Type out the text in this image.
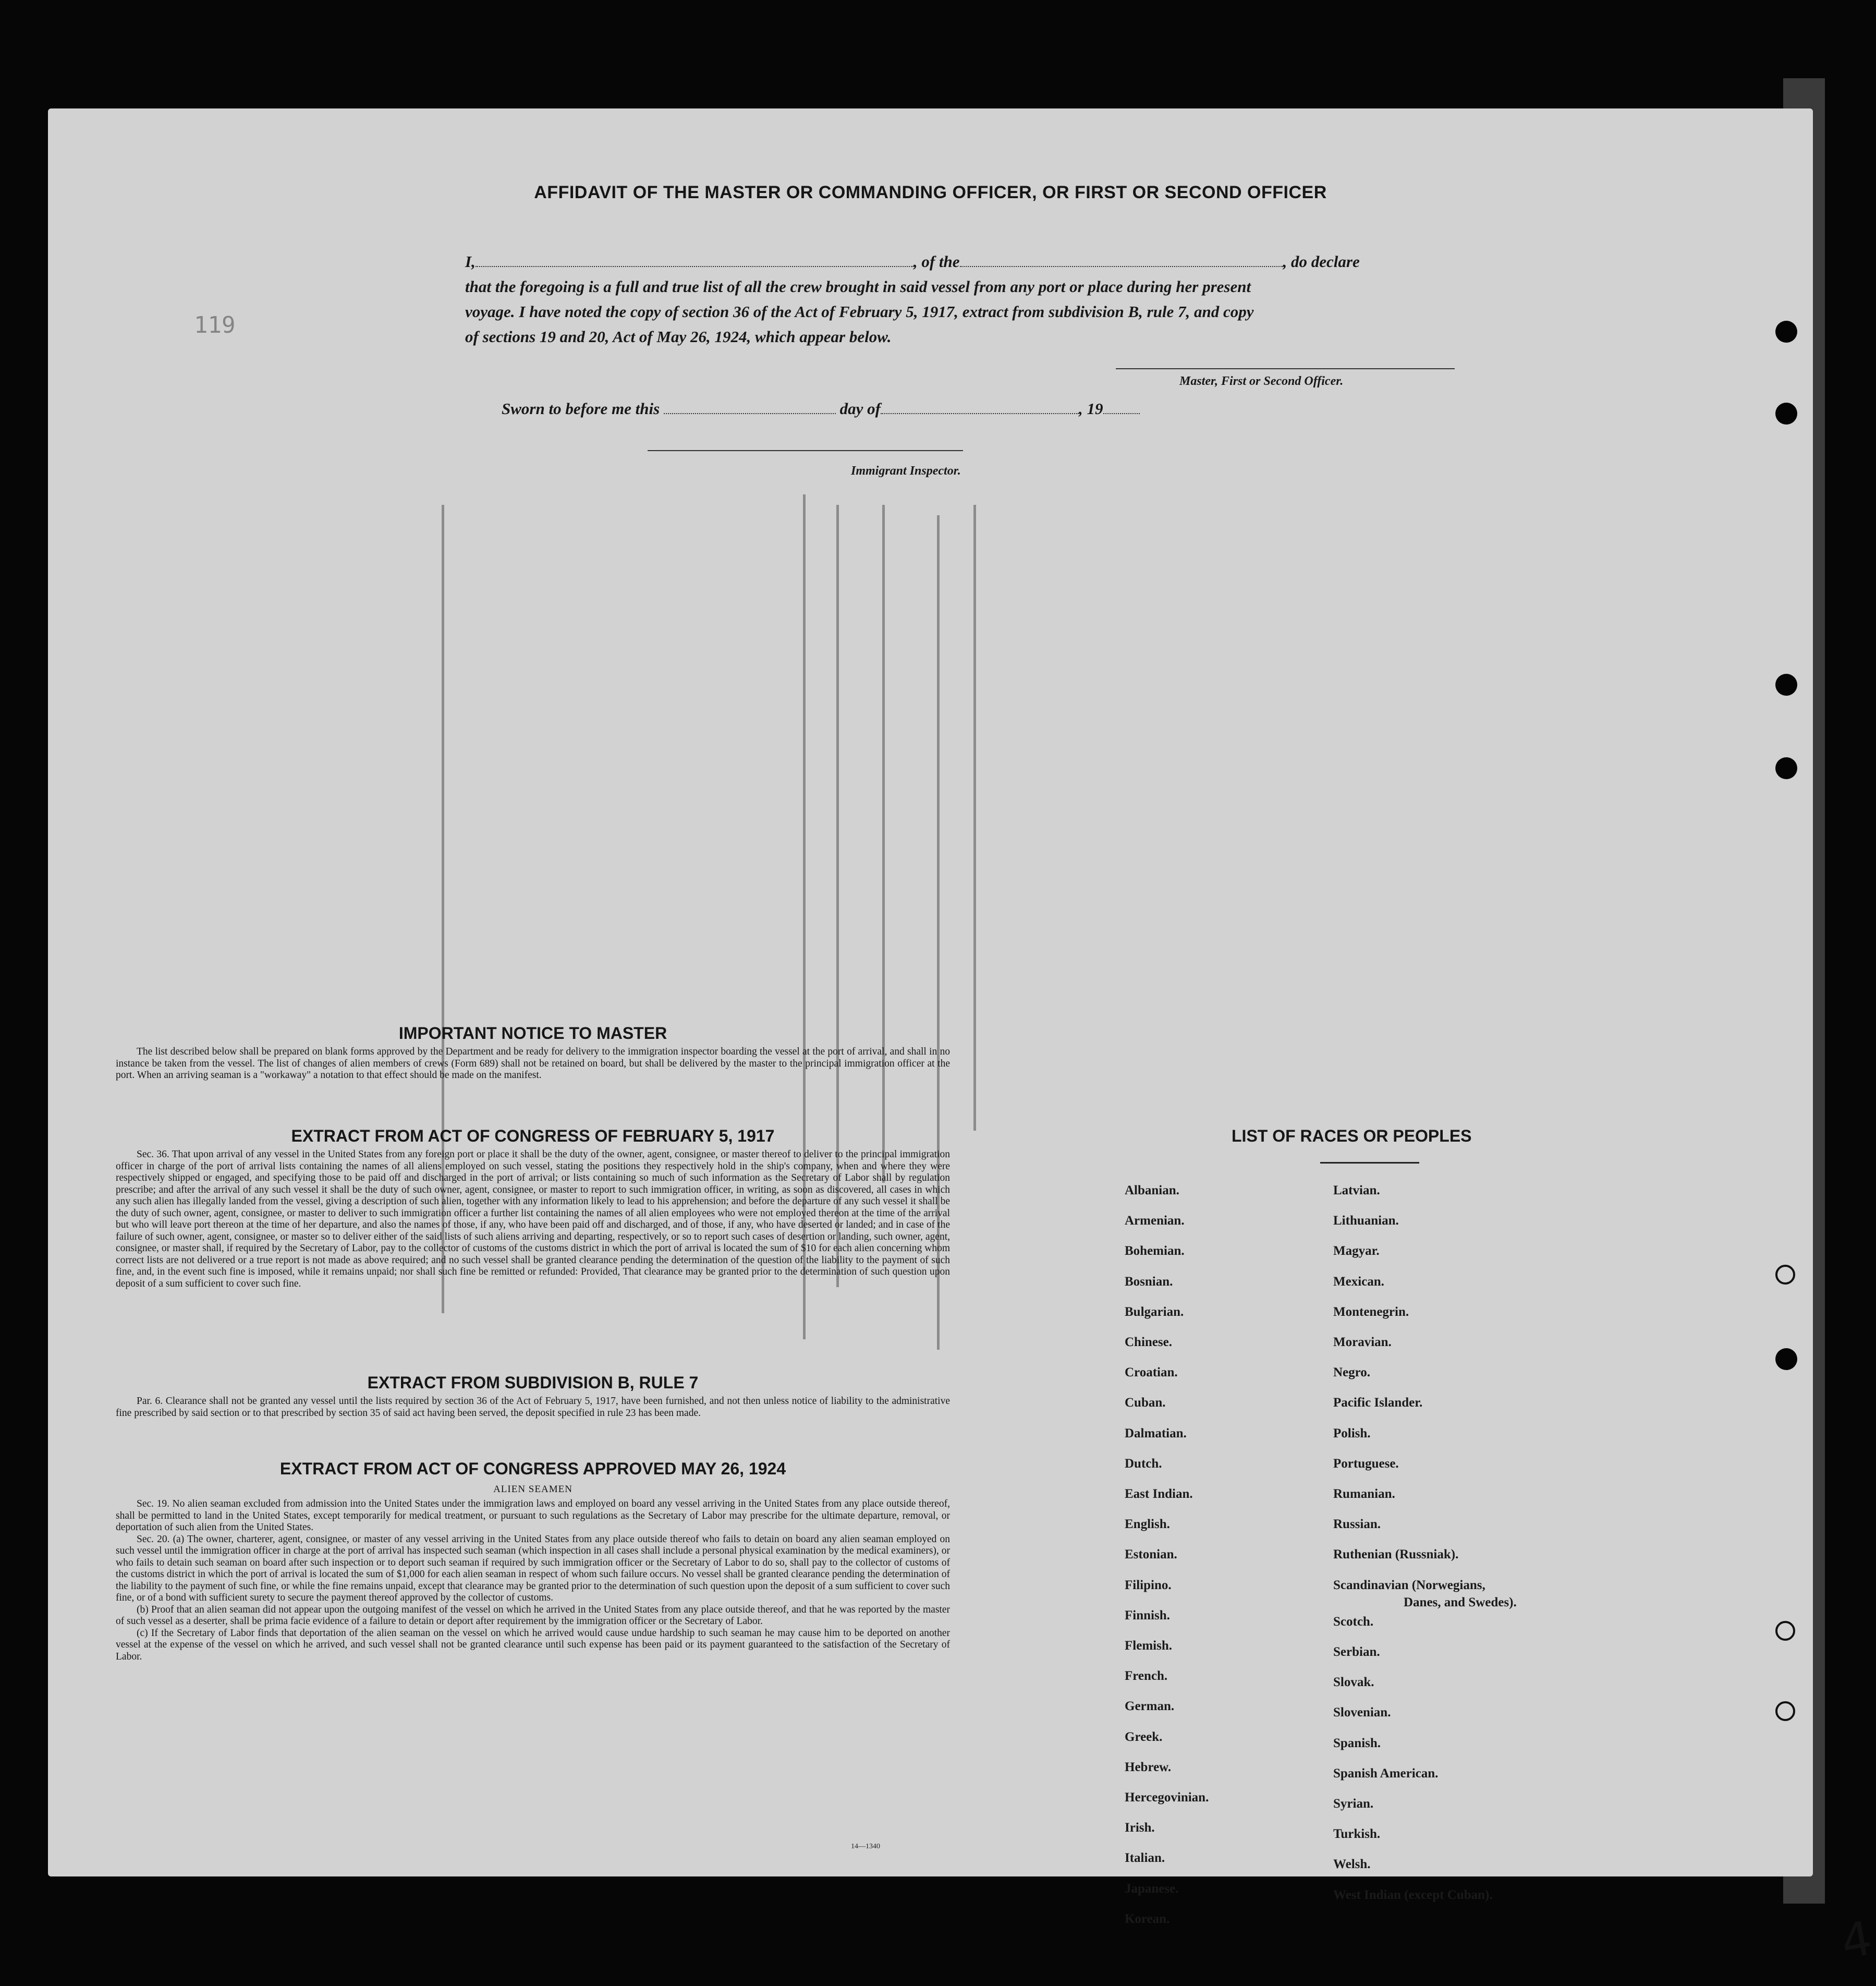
119
AFFIDAVIT OF THE MASTER OR COMMANDING OFFICER, OR FIRST OR SECOND OFFICER
I,	, of the	, do declare
that the foregoing is a full and true list of all the crew brought in said vessel from any port or place during her present
voyage. I have noted the copy of section 36 of the Act of February 5, 1917, extract from subdivision B, rule 7, and copy
of sections 19 and 20, Act of May 26, 1924, which appear below.
Master, First or Second Officer.
Sworn to before me this	day of	, 19
Immigrant Inspector.

IMPORTANT NOTICE TO MASTER

The list described below shall be prepared on blank forms approved by the Department and be ready for delivery to the immigration inspector boarding the vessel at the port of arrival, and shall in no instance be taken from the vessel. The list of changes of alien members of crews (Form 689) shall not be retained on board, but shall be delivered by the master to the principal immigration officer at the port. When an arriving seaman is a "workaway" a notation to that effect should be made on the manifest.

EXTRACT FROM ACT OF CONGRESS OF FEBRUARY 5, 1917

Sec. 36. That upon arrival of any vessel in the United States from any foreign port or place it shall be the duty of the owner, agent, consignee, or master thereof to deliver to the principal immigration officer in charge of the port of arrival lists containing the names of all aliens employed on such vessel, stating the positions they respectively hold in the ship's company, when and where they were respectively shipped or engaged, and specifying those to be paid off and discharged in the port of arrival; or lists containing so much of such information as the Secretary of Labor shall by regulation prescribe; and after the arrival of any such vessel it shall be the duty of such owner, agent, consignee, or master to report to such immigration officer, in writing, as soon as discovered, all cases in which any such alien has illegally landed from the vessel, giving a description of such alien, together with any information likely to lead to his apprehension; and before the departure of any such vessel it shall be the duty of such owner, agent, consignee, or master to deliver to such immigration officer a further list containing the names of all alien employees who were not employed thereon at the time of the arrival but who will leave port thereon at the time of her departure, and also the names of those, if any, who have been paid off and discharged, and of those, if any, who have deserted or landed; and in case of the failure of such owner, agent, consignee, or master so to deliver either of the said lists of such aliens arriving and departing, respectively, or so to report such cases of desertion or landing, such owner, agent, consignee, or master shall, if required by the Secretary of Labor, pay to the collector of customs of the customs district in which the port of arrival is located the sum of $10 for each alien concerning whom correct lists are not delivered or a true report is not made as above required; and no such vessel shall be granted clearance pending the determination of the question of the liability to the payment of such fine, and, in the event such fine is imposed, while it remains unpaid; nor shall such fine be remitted or refunded: Provided, That clearance may be granted prior to the determination of such question upon deposit of a sum sufficient to cover such fine.

EXTRACT FROM SUBDIVISION B, RULE 7

Par. 6. Clearance shall not be granted any vessel until the lists required by section 36 of the Act of February 5, 1917, have been furnished, and not then unless notice of liability to the administrative fine prescribed by said section or to that prescribed by section 35 of said act having been served, the deposit specified in rule 23 has been made.

EXTRACT FROM ACT OF CONGRESS APPROVED MAY 26, 1924

ALIEN SEAMEN

Sec. 19. No alien seaman excluded from admission into the United States under the immigration laws and employed on board any vessel arriving in the United States from any place outside thereof, shall be permitted to land in the United States, except temporarily for medical treatment, or pursuant to such regulations as the Secretary of Labor may prescribe for the ultimate departure, removal, or deportation of such alien from the United States.

Sec. 20. (a) The owner, charterer, agent, consignee, or master of any vessel arriving in the United States from any place outside thereof who fails to detain on board any alien seaman employed on such vessel until the immigration officer in charge at the port of arrival has inspected such seaman (which inspection in all cases shall include a personal physical examination by the medical examiners), or who fails to detain such seaman on board after such inspection or to deport such seaman if required by such immigration officer or the Secretary of Labor to do so, shall pay to the collector of customs of the customs district in which the port of arrival is located the sum of $1,000 for each alien seaman in respect of whom such failure occurs. No vessel shall be granted clearance pending the determination of the liability to the payment of such fine, or while the fine remains unpaid, except that clearance may be granted prior to the determination of such question upon the deposit of a sum sufficient to cover such fine, or of a bond with sufficient surety to secure the payment thereof approved by the collector of customs.

(b) Proof that an alien seaman did not appear upon the outgoing manifest of the vessel on which he arrived in the United States from any place outside thereof, and that he was reported by the master of such vessel as a deserter, shall be prima facie evidence of a failure to detain or deport after requirement by the immigration officer or the Secretary of Labor.

(c) If the Secretary of Labor finds that deportation of the alien seaman on the vessel on which he arrived would cause undue hardship to such seaman he may cause him to be deported on another vessel at the expense of the vessel on which he arrived, and such vessel shall not be granted clearance until such expense has been paid or its payment guaranteed to the satisfaction of the Secretary of Labor.

14—1340
LIST OF RACES OR PEOPLES
4
Albanian.
Armenian.
Bohemian.
Bosnian.
Bulgarian.
Chinese.
Croatian.
Cuban.
Dalmatian.
Dutch.
East Indian.
English.
Estonian.
Filipino.
Finnish.
Flemish.
French.
German.
Greek.
Hebrew.
Hercegovinian.
Irish.
Italian.
Japanese.
Korean.
Latvian.
Lithuanian.
Magyar.
Mexican.
Montenegrin.
Moravian.
Negro.
Pacific Islander.
Polish.
Portuguese.
Rumanian.
Russian.
Ruthenian (Russniak).
Scandinavian (Norwegians,
Danes, and Swedes).
Scotch.
Serbian.
Slovak.
Slovenian.
Spanish.
Spanish American.
Syrian.
Turkish.
Welsh.
West Indian (except Cuban).
